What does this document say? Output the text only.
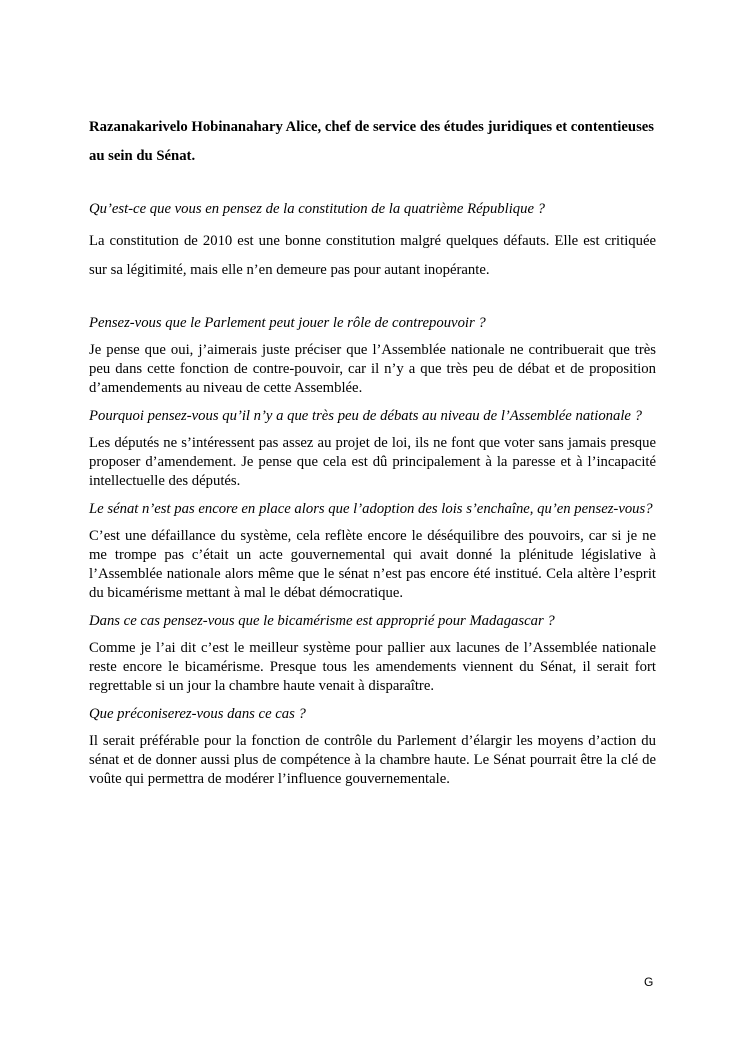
Razanakarivelo Hobinanahary Alice, chef de service des études juridiques et contentieuses au sein du Sénat.

Qu’est-ce que vous en pensez de la constitution de la quatrième République ?

La constitution de 2010 est une bonne constitution malgré quelques défauts. Elle est critiquée sur sa légitimité, mais elle n’en demeure pas pour autant inopérante.

Pensez-vous que le Parlement peut jouer le rôle de contrepouvoir ?

Je pense que oui, j’aimerais juste préciser que l’Assemblée nationale ne contribuerait que très peu dans cette fonction de contre-pouvoir, car il n’y a que très peu de débat et de proposition d’amendements au niveau de cette Assemblée.

Pourquoi pensez-vous qu’il n’y a que très peu de débats au niveau de l’Assemblée nationale ?

Les députés ne s’intéressent pas assez au projet de loi, ils ne font que voter sans jamais presque proposer d’amendement. Je pense que cela est dû principalement à la paresse et à l’incapacité intellectuelle des députés.

Le sénat n’est pas encore en place alors que l’adoption des lois s’enchaîne, qu’en pensez-vous?

C’est une défaillance du système, cela reflète encore le déséquilibre des pouvoirs, car si je ne me trompe pas c’était un acte gouvernemental qui avait donné la plénitude législative à l’Assemblée nationale alors même que le sénat n’est pas encore été institué. Cela altère l’esprit du bicamérisme mettant à mal le débat démocratique.

Dans ce cas pensez-vous que le bicamérisme est approprié pour Madagascar ?

Comme je l’ai dit c’est le meilleur système pour pallier aux lacunes de l’Assemblée nationale reste encore le bicamérisme. Presque tous les amendements viennent du Sénat, il serait fort regrettable si un jour la chambre haute venait à disparaître.

Que préconiserez-vous dans ce cas ?

Il serait préférable pour la fonction de contrôle du Parlement d’élargir les moyens d’action du sénat et de donner aussi plus de compétence à la chambre haute. Le Sénat pourrait être la clé de voûte qui permettra de modérer l’influence gouvernementale.

G
